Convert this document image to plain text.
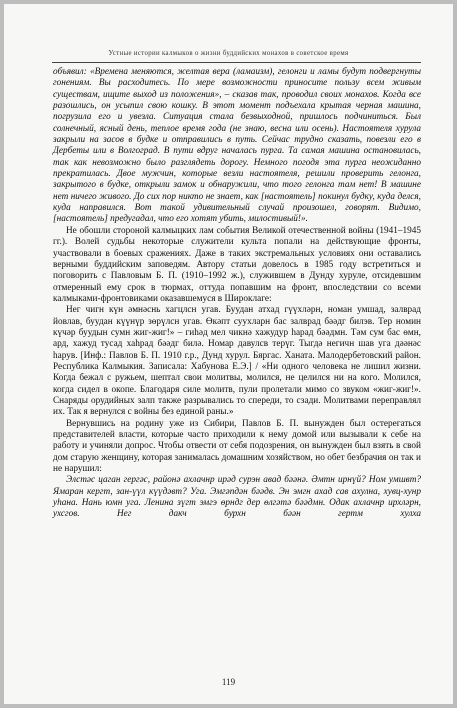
Устные истории калмыков о жизни буддийских монахов в советское время

объявил: «Времена меняются, желтая вера (ламаизм), гелонги и ламы будут подвергнуты гонениям. Вы расходитесь. По мере возможности приносите пользу всем живым существам, ищите выход из положения», – сказав так, проводил своих монахов. Когда все разошлись, он усыпил свою кошку. В этот момент подъехала крытая черная машина, погрузила его и увезла. Ситуация стала безвыходной, пришлось подчиниться. Был солнечный, ясный день, теплое время года (не знаю, весна или осень). Настоятеля хурула закрыли на засов в будке и отправились в путь. Сейчас трудно сказать, повезли его в Дербеты или в Волгоград. В пути вдруг началась пурга. Та самая машина остановилась, так как невозможно было разглядеть дорогу. Немного погодя эта пурга неожиданно прекратилась. Двое мужчин, которые везли настоятеля, решили проверить гелонга, закрытого в будке, открыли замок и обнаружили, что того гелонга там нет! В машине нет ничего живого. До сих пор никто не знает, как [настоятель] покинул будку, куда делся, куда направился. Вот такой удивительный случай произошел, говорят. Видимо, [настоятель] предугадал, что его хотят убить, милостивый!».

Не обошли стороной калмыцких лам события Великой отечественной войны (1941–1945 гг.). Волей судьбы некоторые служители культа попали на действующие фронты, участвовали в боевых сражениях. Даже в таких экстремальных условиях они оставались верными буддийским заповедям. Автору статьи довелось в 1985 году встретиться и поговорить с Павловым Б. П. (1910–1992 ж.), служившем в Дунду хуруле, отсидевшим отмеренный ему срок в тюрмах, оттуда попавшим на фронт, впоследствии со всеми калмыками-фронтовиками оказавшемуся в Широклаге:

Нег чигн күн әмнәснь хагцлсн угав. Буудан атхад гүүхләрн, номан умшад, залврад йовлав, буудан күүнүр зөрүлсн угав. Өкәпт суухларн бас залврад бәәдг билэв. Тер номин күчәр буудын сумн жиг-жиг!» – гиһәд мел чикнә хажудур һарад бәәдмн. Тәм сум бас өмн, ард, хажуд тусад хаһрад бәәдг билә. Номар давулсв терүг. Тыгдә негичн шав уга дәәнәс һарув. [Инф.: Павлов Б. П. 1910 г.р., Дунд хурул. Бяргас. Ханата. Малодербетовский район. Республика Калмыкия. Записала: Хабунова Е.Э.] / «Ни одного человека не лишил жизни. Когда бежал с ружьем, шептал свои молитвы, молился, не целился ни на кого. Молился, когда сидел в окопе. Благодаря силе молитв, пули пролетали мимо со звуком «жиг-жиг!». Снаряды орудийных залп также разрывались то спереди, то сзади. Молитвами переправлял их. Так я вернулся с войны без единой раны.»

Вернувшись на родину уже из Сибири, Павлов Б. П. вынужден был остерегаться представителей власти, которые часто приходили к нему домой или вызывали к себе на работу и учиняли допрос. Чтобы отвести от себя подозрения, он вынужден был взять в свой дом старую женщину, которая занималась домашним хозяйством, но обет безбрачия он так и не нарушил:

Элстәс цаган гергәс, районә ахлачнр ирәд сурэн авад бәәнә. Әмтн ирнүй? Ном умшвт? Ямаран кергт, зан-үүл күүдәвт? Уга. Эмгәпдән бәәдв. Эн эмгн ахад сав ахулна, хувц-хунр уhана. Нань юмн уга. Ленина зүгт эмгэ өрндг дер өлгәтә бәәдмн. Одак ахлачнр ирхләрн, ухсгов. Нег дакч бурхн бәән гертм хулха

119
